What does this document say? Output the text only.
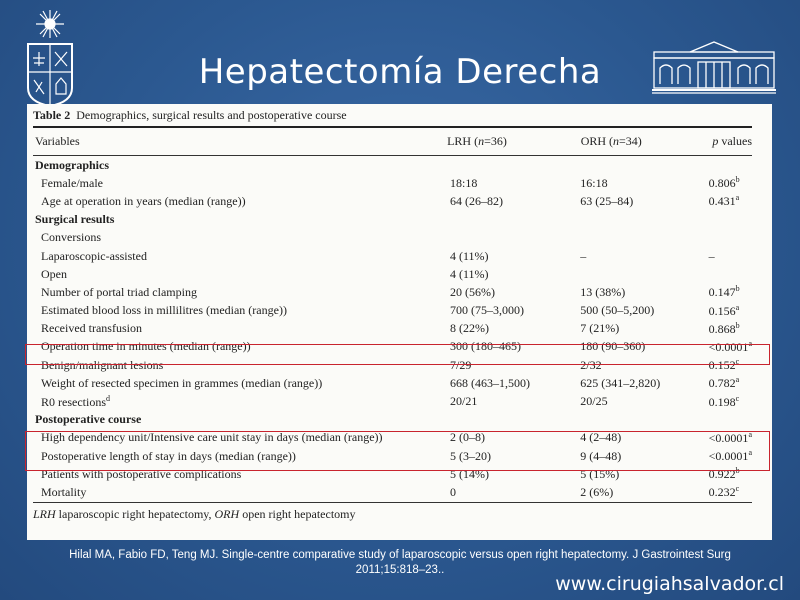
Hepatectomía Derecha
Table 2 Demographics, surgical results and postoperative course
Variables	LRH (n=36)	ORH (n=34)	p values
Demographics			
Female/male	18:18	16:18	0.806$^b$
Age at operation in years (median (range))	64 (26–82)	63 (25–84)	0.431$^a$
Surgical results			
Conversions			
Laparoscopic-assisted	4 (11%)	–	–
Open	4 (11%)		
Number of portal triad clamping	20 (56%)	13 (38%)	0.147$^b$
Estimated blood loss in millilitres (median (range))	700 (75–3,000)	500 (50–5,200)	0.156$^a$
Received transfusion	8 (22%)	7 (21%)	0.868$^b$
Operation time in minutes (median (range))	300 (180–465)	180 (90–360)	<0.0001$^a$
Benign/malignant lesions	7/29	2/32	0.152$^c$
Weight of resected specimen in grammes (median (range))	668 (463–1,500)	625 (341–2,820)	0.782$^a$
R0 resections$^d$	20/21	20/25	0.198$^c$
Postoperative course			
High dependency unit/Intensive care unit stay in days (median (range))	2 (0–8)	4 (2–48)	<0.0001$^a$
Postoperative length of stay in days (median (range))	5 (3–20)	9 (4–48)	<0.0001$^a$
Patients with postoperative complications	5 (14%)	5 (15%)	0.922$^b$
Mortality	0	2 (6%)	0.232$^c$
LRH laparoscopic right hepatectomy, ORH open right hepatectomy
Hilal MA, Fabio FD, Teng MJ. Single-centre comparative study of laparoscopic versus open right hepatectomy. J Gastrointest Surg
2011;15:818–23..
www.cirugiahsalvador.cl
